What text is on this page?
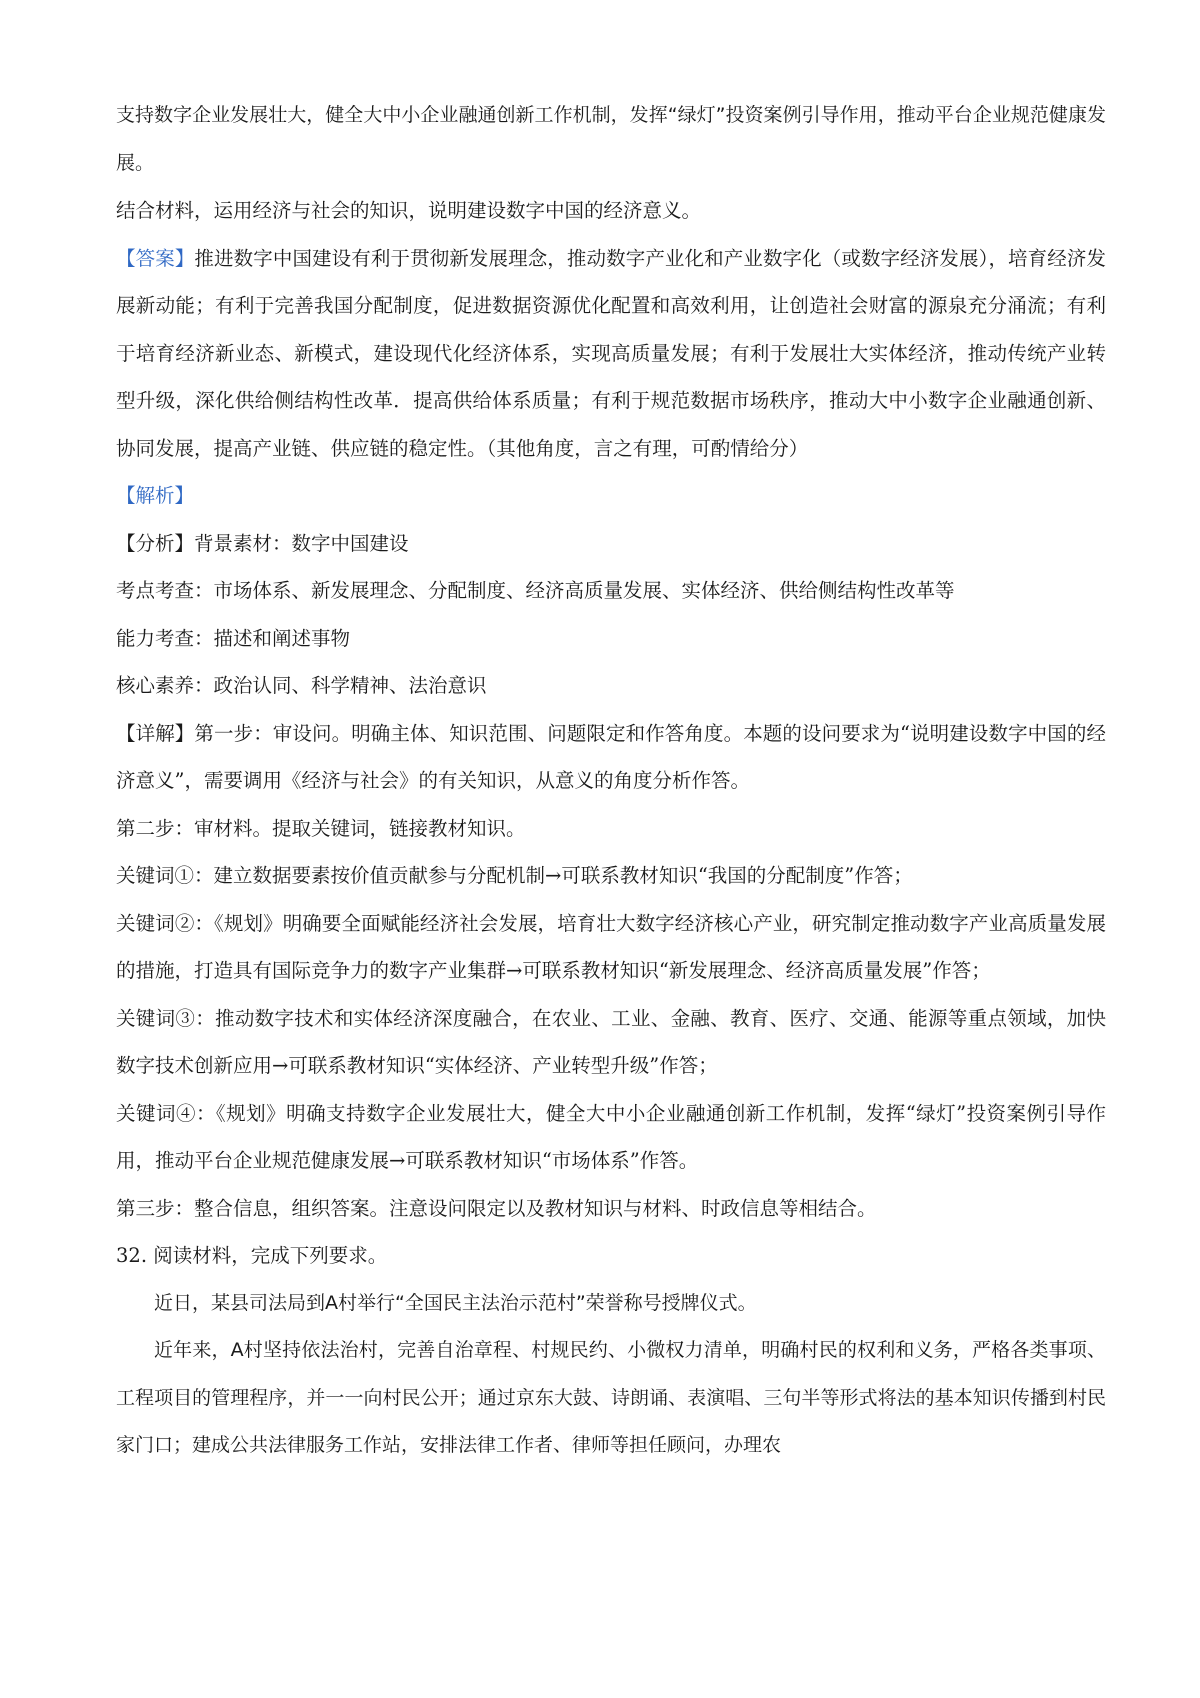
支持数字企业发展壮大，健全大中小企业融通创新工作机制，发挥“绿灯”投资案例引导作用，推动平台企业规范健康发展。

结合材料，运用经济与社会的知识，说明建设数字中国的经济意义。

【答案】推进数字中国建设有利于贯彻新发展理念，推动数字产业化和产业数字化（或数字经济发展），培育经济发展新动能；有利于完善我国分配制度，促进数据资源优化配置和高效利用，让创造社会财富的源泉充分涌流；有利于培育经济新业态、新模式，建设现代化经济体系，实现高质量发展；有利于发展壮大实体经济，推动传统产业转型升级，深化供给侧结构性改革．提高供给体系质量；有利于规范数据市场秩序，推动大中小数字企业融通创新、协同发展，提高产业链、供应链的稳定性。（其他角度，言之有理，可酌情给分）

【解析】

【分析】背景素材：数字中国建设

考点考查：市场体系、新发展理念、分配制度、经济高质量发展、实体经济、供给侧结构性改革等

能力考查：描述和阐述事物

核心素养：政治认同、科学精神、法治意识

【详解】第一步：审设问。明确主体、知识范围、问题限定和作答角度。本题的设问要求为“说明建设数字中国的经济意义”，需要调用《经济与社会》的有关知识，从意义的角度分析作答。

第二步：审材料。提取关键词，链接教材知识。

关键词①：建立数据要素按价值贡献参与分配机制→可联系教材知识“我国的分配制度”作答；

关键词②：《规划》明确要全面赋能经济社会发展，培育壮大数字经济核心产业，研究制定推动数字产业高质量发展的措施，打造具有国际竞争力的数字产业集群→可联系教材知识“新发展理念、经济高质量发展”作答；

关键词③：推动数字技术和实体经济深度融合，在农业、工业、金融、教育、医疗、交通、能源等重点领域，加快数字技术创新应用→可联系教材知识“实体经济、产业转型升级”作答；

关键词④：《规划》明确支持数字企业发展壮大，健全大中小企业融通创新工作机制，发挥“绿灯”投资案例引导作用，推动平台企业规范健康发展→可联系教材知识“市场体系”作答。

第三步：整合信息，组织答案。注意设问限定以及教材知识与材料、时政信息等相结合。

32. 阅读材料，完成下列要求。

近日，某县司法局到A村举行“全国民主法治示范村”荣誉称号授牌仪式。

近年来，A村坚持依法治村，完善自治章程、村规民约、小微权力清单，明确村民的权利和义务，严格各类事项、工程项目的管理程序，并一一向村民公开；通过京东大鼓、诗朗诵、表演唱、三句半等形式将法的基本知识传播到村民家门口；建成公共法律服务工作站，安排法律工作者、律师等担任顾问，办理农
